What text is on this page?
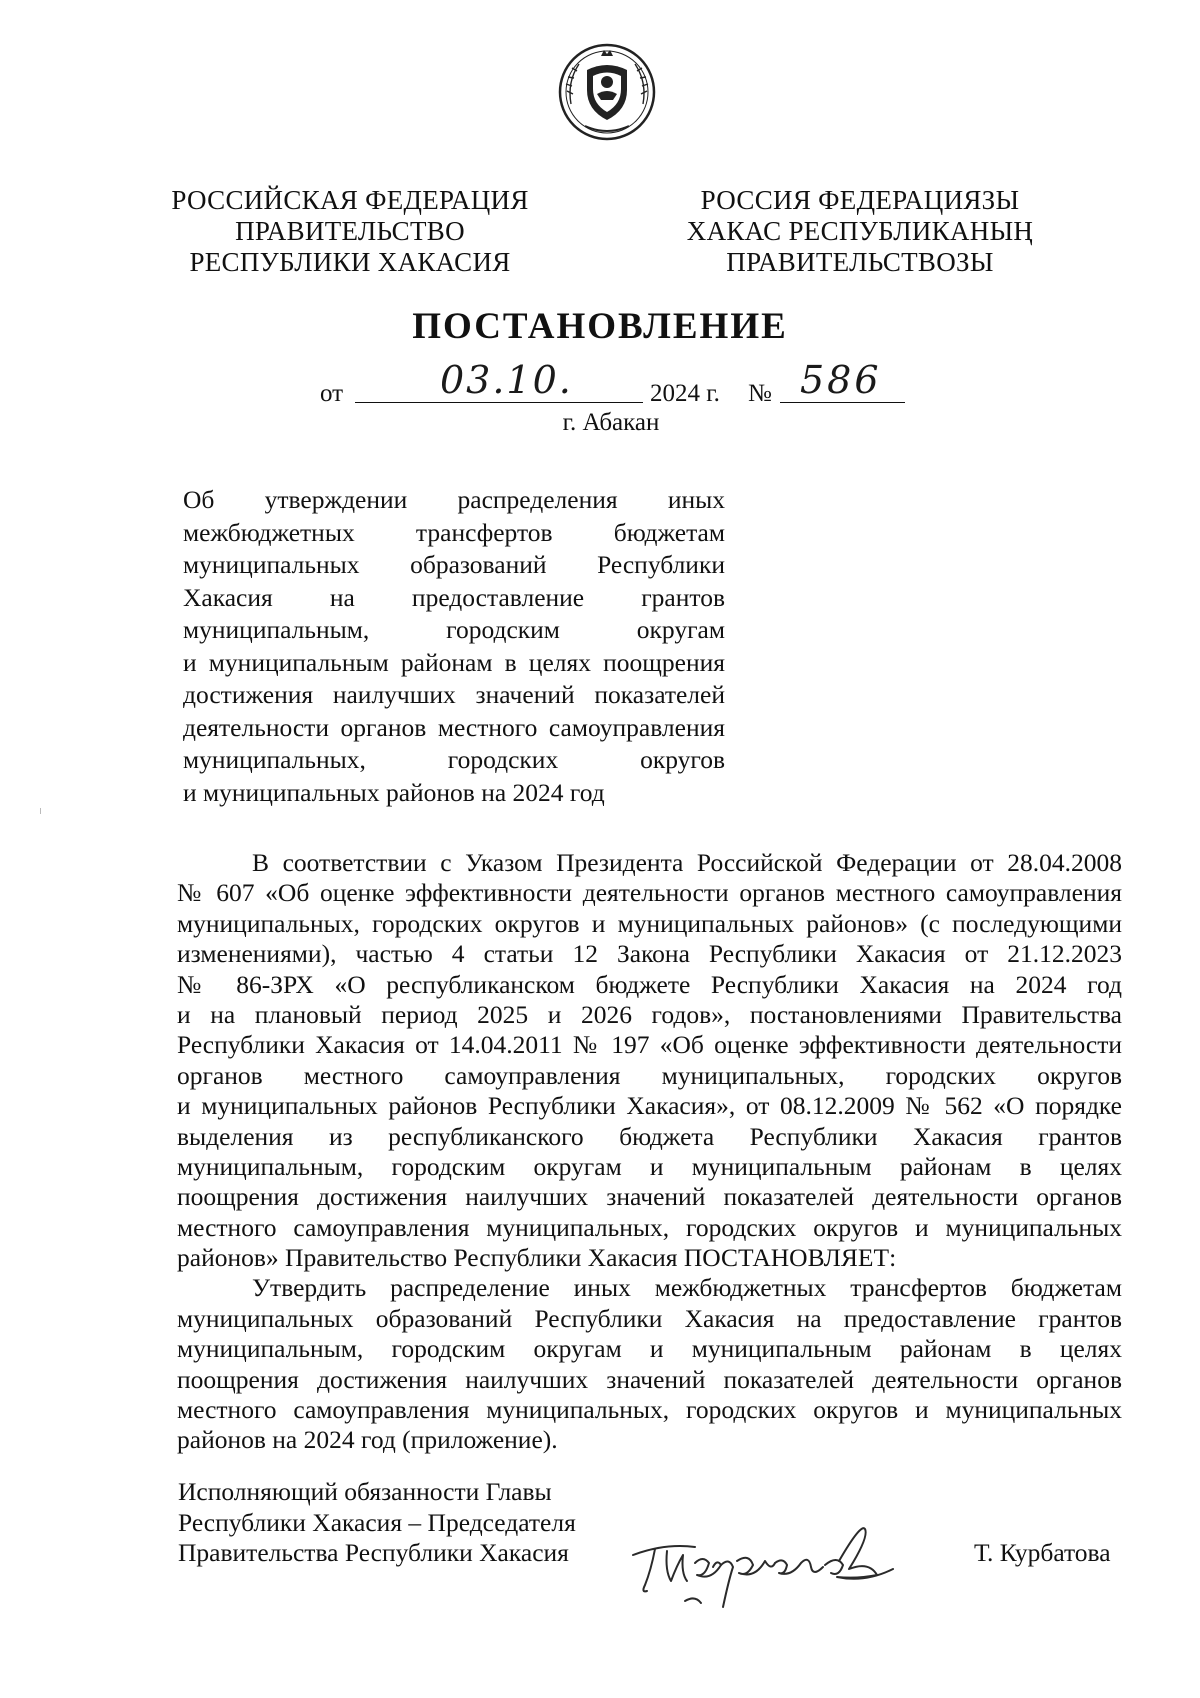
РОССИЙСКАЯ ФЕДЕРАЦИЯ
ПРАВИТЕЛЬСТВО
РЕСПУБЛИКИ ХАКАСИЯ
РОССИЯ ФЕДЕРАЦИЯЗЫ
ХАКАС РЕСПУБЛИКАНЫҢ
ПРАВИТЕЛЬСТВОЗЫ
ПОСТАНОВЛЕНИЕ
от	03.10.	2024 г. № 586
г. Абакан
Об утверждении распределения иных
межбюджетных трансфертов бюджетам
муниципальных образований Республики
Хакасия на предоставление грантов
муниципальным, городским округам
и муниципальным районам в целях поощрения
достижения наилучших значений показателей
деятельности органов местного самоуправления
муниципальных, городских округов
и муниципальных районов на 2024 год
В соответствии с Указом Президента Российской Федерации от 28.04.2008
№ 607 «Об оценке эффективности деятельности органов местного самоуправления
муниципальных, городских округов и муниципальных районов» (с последующими
изменениями), частью 4 статьи 12 Закона Республики Хакасия от 21.12.2023
№ 86-ЗРХ «О республиканском бюджете Республики Хакасия на 2024 год
и на плановый период 2025 и 2026 годов», постановлениями Правительства
Республики Хакасия от 14.04.2011 № 197 «Об оценке эффективности деятельности
органов местного самоуправления муниципальных, городских округов
и муниципальных районов Республики Хакасия», от 08.12.2009 № 562 «О порядке
выделения из республиканского бюджета Республики Хакасия грантов
муниципальным, городским округам и муниципальным районам в целях
поощрения достижения наилучших значений показателей деятельности органов
местного самоуправления муниципальных, городских округов и муниципальных
районов» Правительство Республики Хакасия ПОСТАНОВЛЯЕТ:
Утвердить распределение иных межбюджетных трансфертов бюджетам
муниципальных образований Республики Хакасия на предоставление грантов
муниципальным, городским округам и муниципальным районам в целях
поощрения достижения наилучших значений показателей деятельности органов
местного самоуправления муниципальных, городских округов и муниципальных
районов на 2024 год (приложение).
Исполняющий обязанности Главы
Республики Хакасия – Председателя
Правительства Республики Хакасия	Т. Курбатова
